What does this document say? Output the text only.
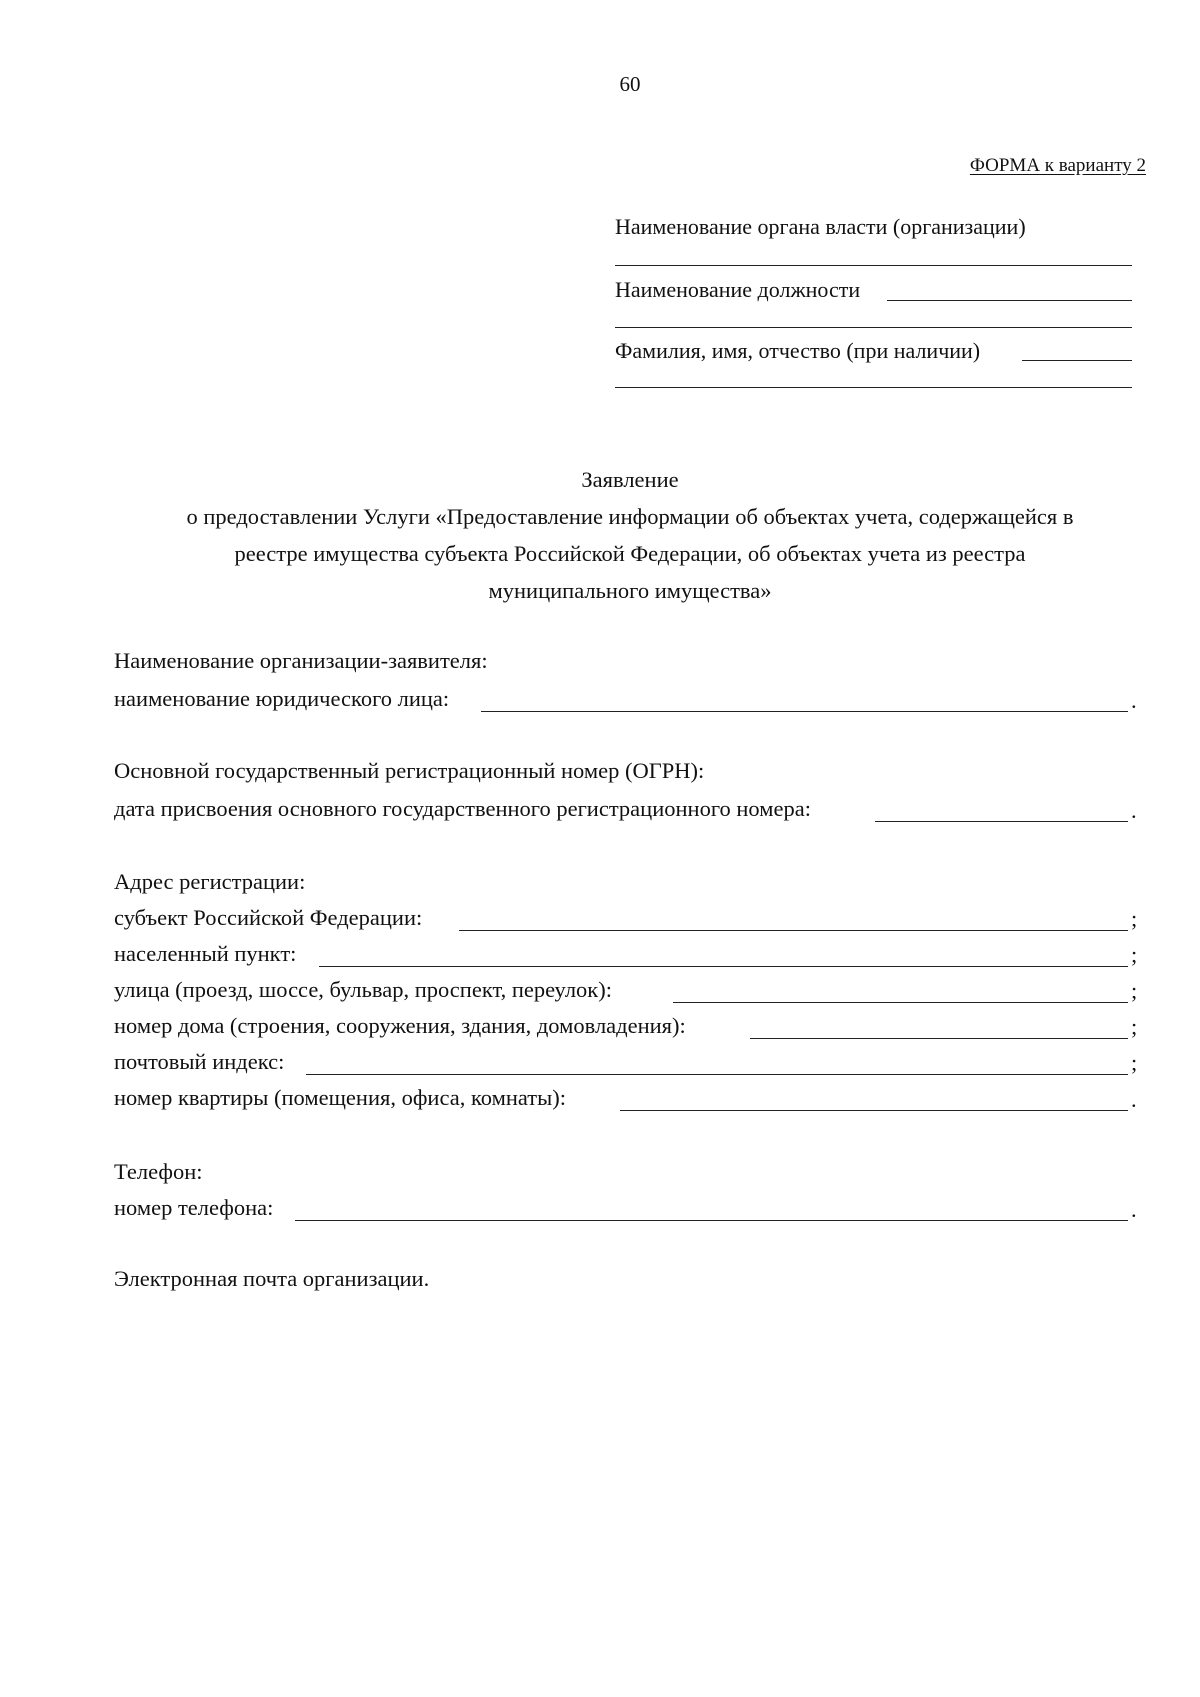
60
ФОРМА к варианту 2
Наименование органа власти (организации)
Наименование должности
Фамилия, имя, отчество (при наличии)
Заявление
о предоставлении Услуги «Предоставление информации об объектах учета, содержащейся в
реестре имущества субъекта Российской Федерации, об объектах учета из реестра
муниципального имущества»
Наименование организации-заявителя:
наименование юридического лица:	.
Основной государственный регистрационный номер (ОГРН):
дата присвоения основного государственного регистрационного номера:	.
Адрес регистрации:
субъект Российской Федерации:	;
населенный пункт:	;
улица (проезд, шоссе, бульвар, проспект, переулок):	;
номер дома (строения, сооружения, здания, домовладения):	;
почтовый индекс:	;
номер квартиры (помещения, офиса, комнаты):	.
Телефон:
номер телефона:	.
Электронная почта организации.
